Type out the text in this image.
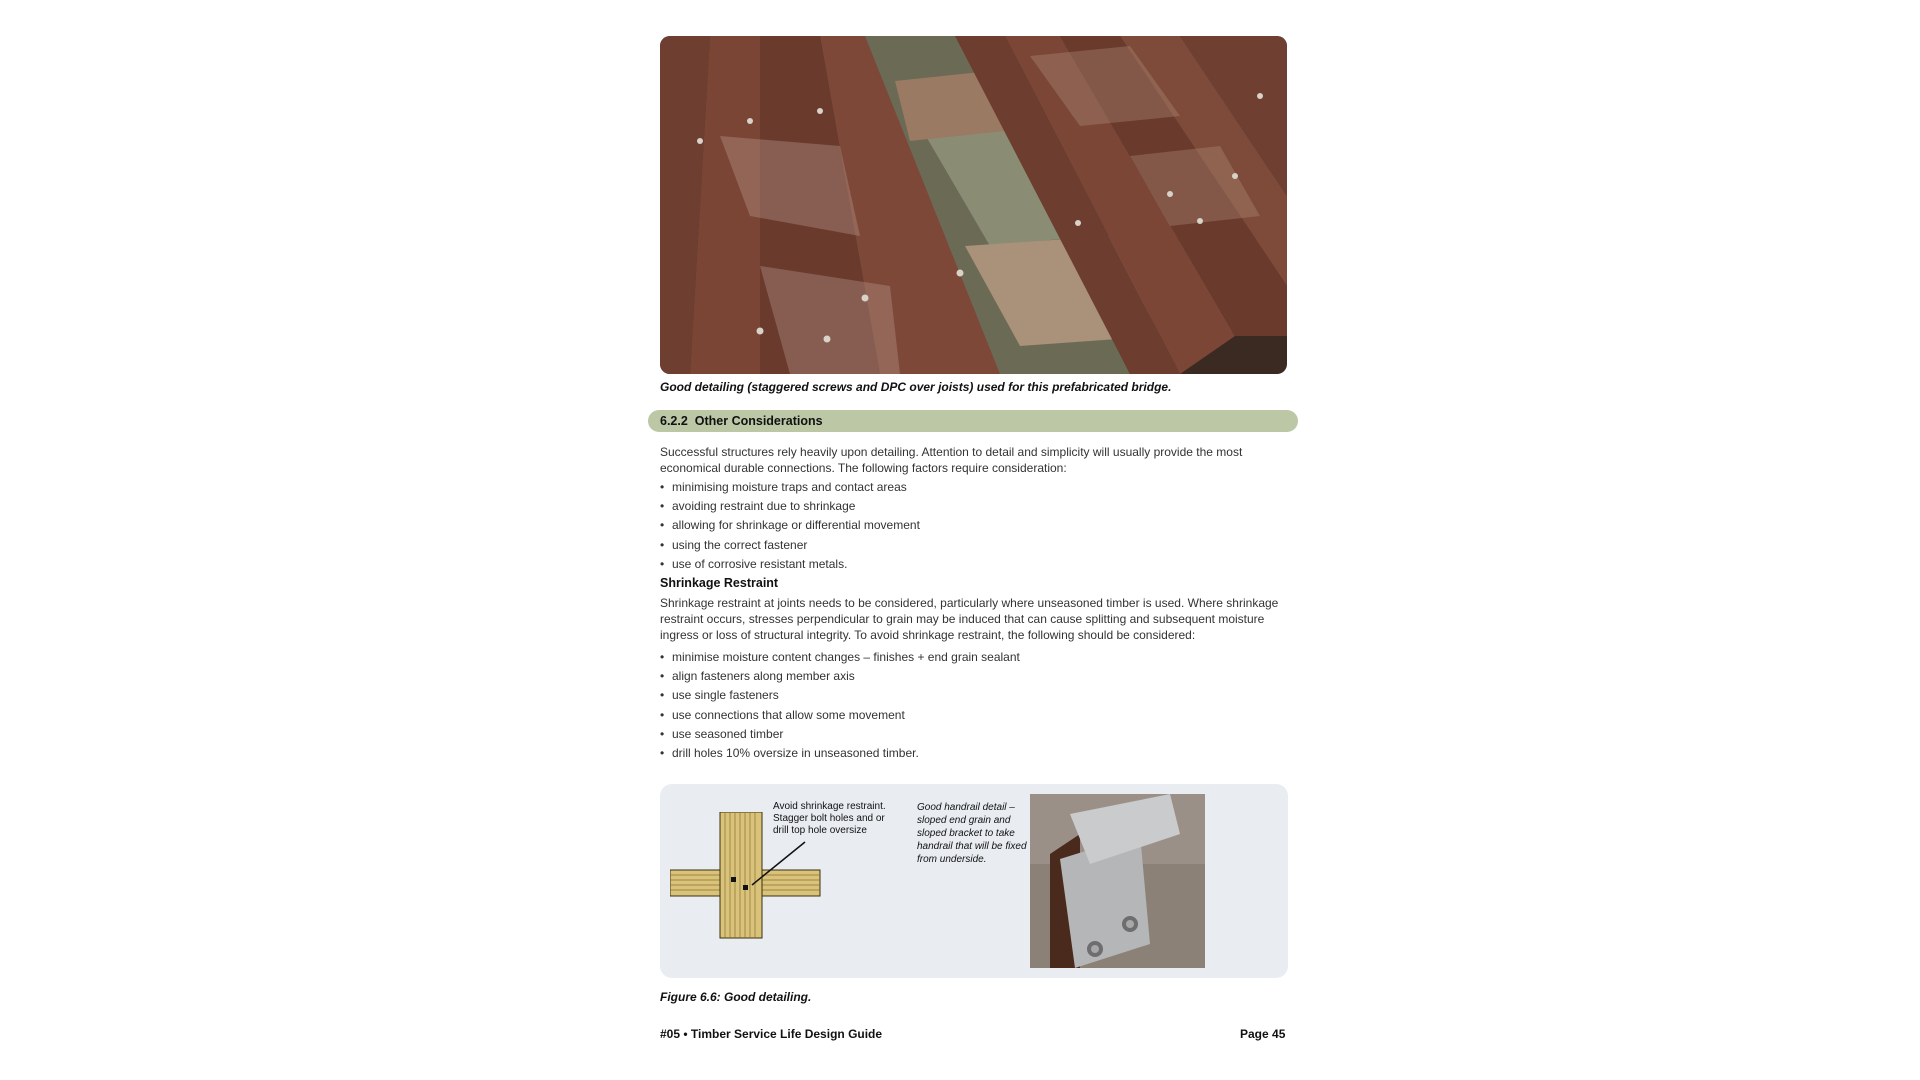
Good detailing (staggered screws and DPC over joists) used for this prefabricated bridge.
6.2.2 Other Considerations
Successful structures rely heavily upon detailing. Attention to detail and simplicity will usually provide the most economical durable connections. The following factors require consideration:
• minimising moisture traps and contact areas
• avoiding restraint due to shrinkage
• allowing for shrinkage or differential movement
• using the correct fastener
• use of corrosive resistant metals.
Shrinkage Restraint
Shrinkage restraint at joints needs to be considered, particularly where unseasoned timber is used. Where shrinkage restraint occurs, stresses perpendicular to grain may be induced that can cause splitting and subsequent moisture ingress or loss of structural integrity. To avoid shrinkage restraint, the following should be considered:
• minimise moisture content changes – finishes + end grain sealant
• align fasteners along member axis
• use single fasteners
• use connections that allow some movement
• use seasoned timber
• drill holes 10% oversize in unseasoned timber.
Avoid shrinkage restraint. Stagger bolt holes and or drill top hole oversize
Good handrail detail – sloped end grain and sloped bracket to take handrail that will be fixed from underside.
Figure 6.6: Good detailing.
#05 • Timber Service Life Design Guide	Page 45
